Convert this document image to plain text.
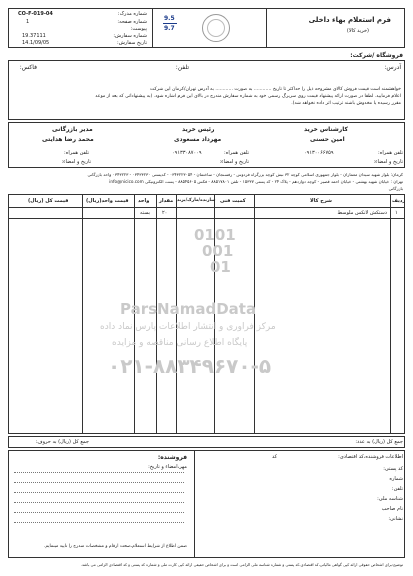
فرم استعلام بهاء داخلی
(خرید کالا)
9.5
9.7
شماره مدرک:
CO-F-019-04
شماره صفحه:
1
پیوست:
شماره سفارش:
19.37111
تاریخ سفارش:
14.1/09/05
فروشگاه /شرکت:
آدرس:
تلفن:
فاکس:
خواهشمند است قیمت فروش کالای مشروحه ذیل را حداکثر تا تاریخ ............ به صورت ............ به آدرس تهران/کرمان این شرکت
اعلام فرمایید. لطفا در صورت ارائه پیشنهاد قیمت روی سربرگ رسمی خود به شماره سفارش مندرج در بالای این فرم اشاره شود. (به پیشنهاداتی که بعد از موعد
مقرر رسیده یا مخدوش باشند ترتیب اثر داده نخواهد شد).
کارشناس خرید
امین حسنی
تلفن همراه:
۰۹۱۳۰۰۶۶۷۵۹
تاریخ و امضاء:
رئیس خرید
مهرداد مسعودی
تلفن همراه:
۰۹۱۳۳۰۸۷۰۰۹
تاریخ و امضاء:
مدیر بازرگانی
محمد رضا هدایتی
تلفن همراه:
تاریخ و امضاء:
کرمان: بلوار شهید سیدان معماران - بلوار جمهوری اسلامی کوچه ۳۲ نبش کوچه بزرگراه فردوس - رفسنجان - ساختمان - ۰۳۴۳۲۲۳۰۵۴ - کدپستی ۰۳۴۳۳۲۳۰ - ۰۳۴۳۲۲۳ واحد بازرگانی
تهران : خیابان شهید بهشتی - خیابان احمد قصیر - کوچه دوازدهم - پلاک ۲۴ - کد پستی ۱۵۳۳۷ - تلفن ۸۸۵۱۷۸۰۱ - فکس ۸۸۵۴۵۶۰۵ - پست الکترونیکی info@nicico.com
بازرگانی
ردیف
شرح کالا
کمیت فنی
سازنده/مارک/برند
مقدار
واحد
قیمت واحد(ریال)
قیمت کل (ریال)
۱
دستکش لاتکس ملوسط
۲۰
بسته
0101
001
01
ParsNamadData
مرکز فراوری و انتشار اطلاعات پارس نماد داده
پایگاه اطلاع رسانی مناقصه و مزایده
۰۲۱-۸۸۳۴۹۶۷۰-۵
جمع کل (ریال) به عدد:
جمع کل (ریال) به حروف:
فروشنده:
مهر،امضاء و تاریخ:
ضمن اطلاع از شرایط استعلام،صحت ارقام و مشخصات مندرج را تایید مینمایم.
اطلاعات فروشنده،کد اقتصادی:
کد
کد پستی:
شماره
تلفن:
شناسه ملی:
نام صاحب
نشانی:
توضیح:برای اشخاص حقوقی ارائه کپی گواهی مالیاتی،کد اقتصادی،کد پستی و شماره شناسه ملی الزامی است و برای اشخاص حقیقی ارائه کپی کارت ملی و شماره کد پستی و کد اقتصادی الزامی می باشد.
